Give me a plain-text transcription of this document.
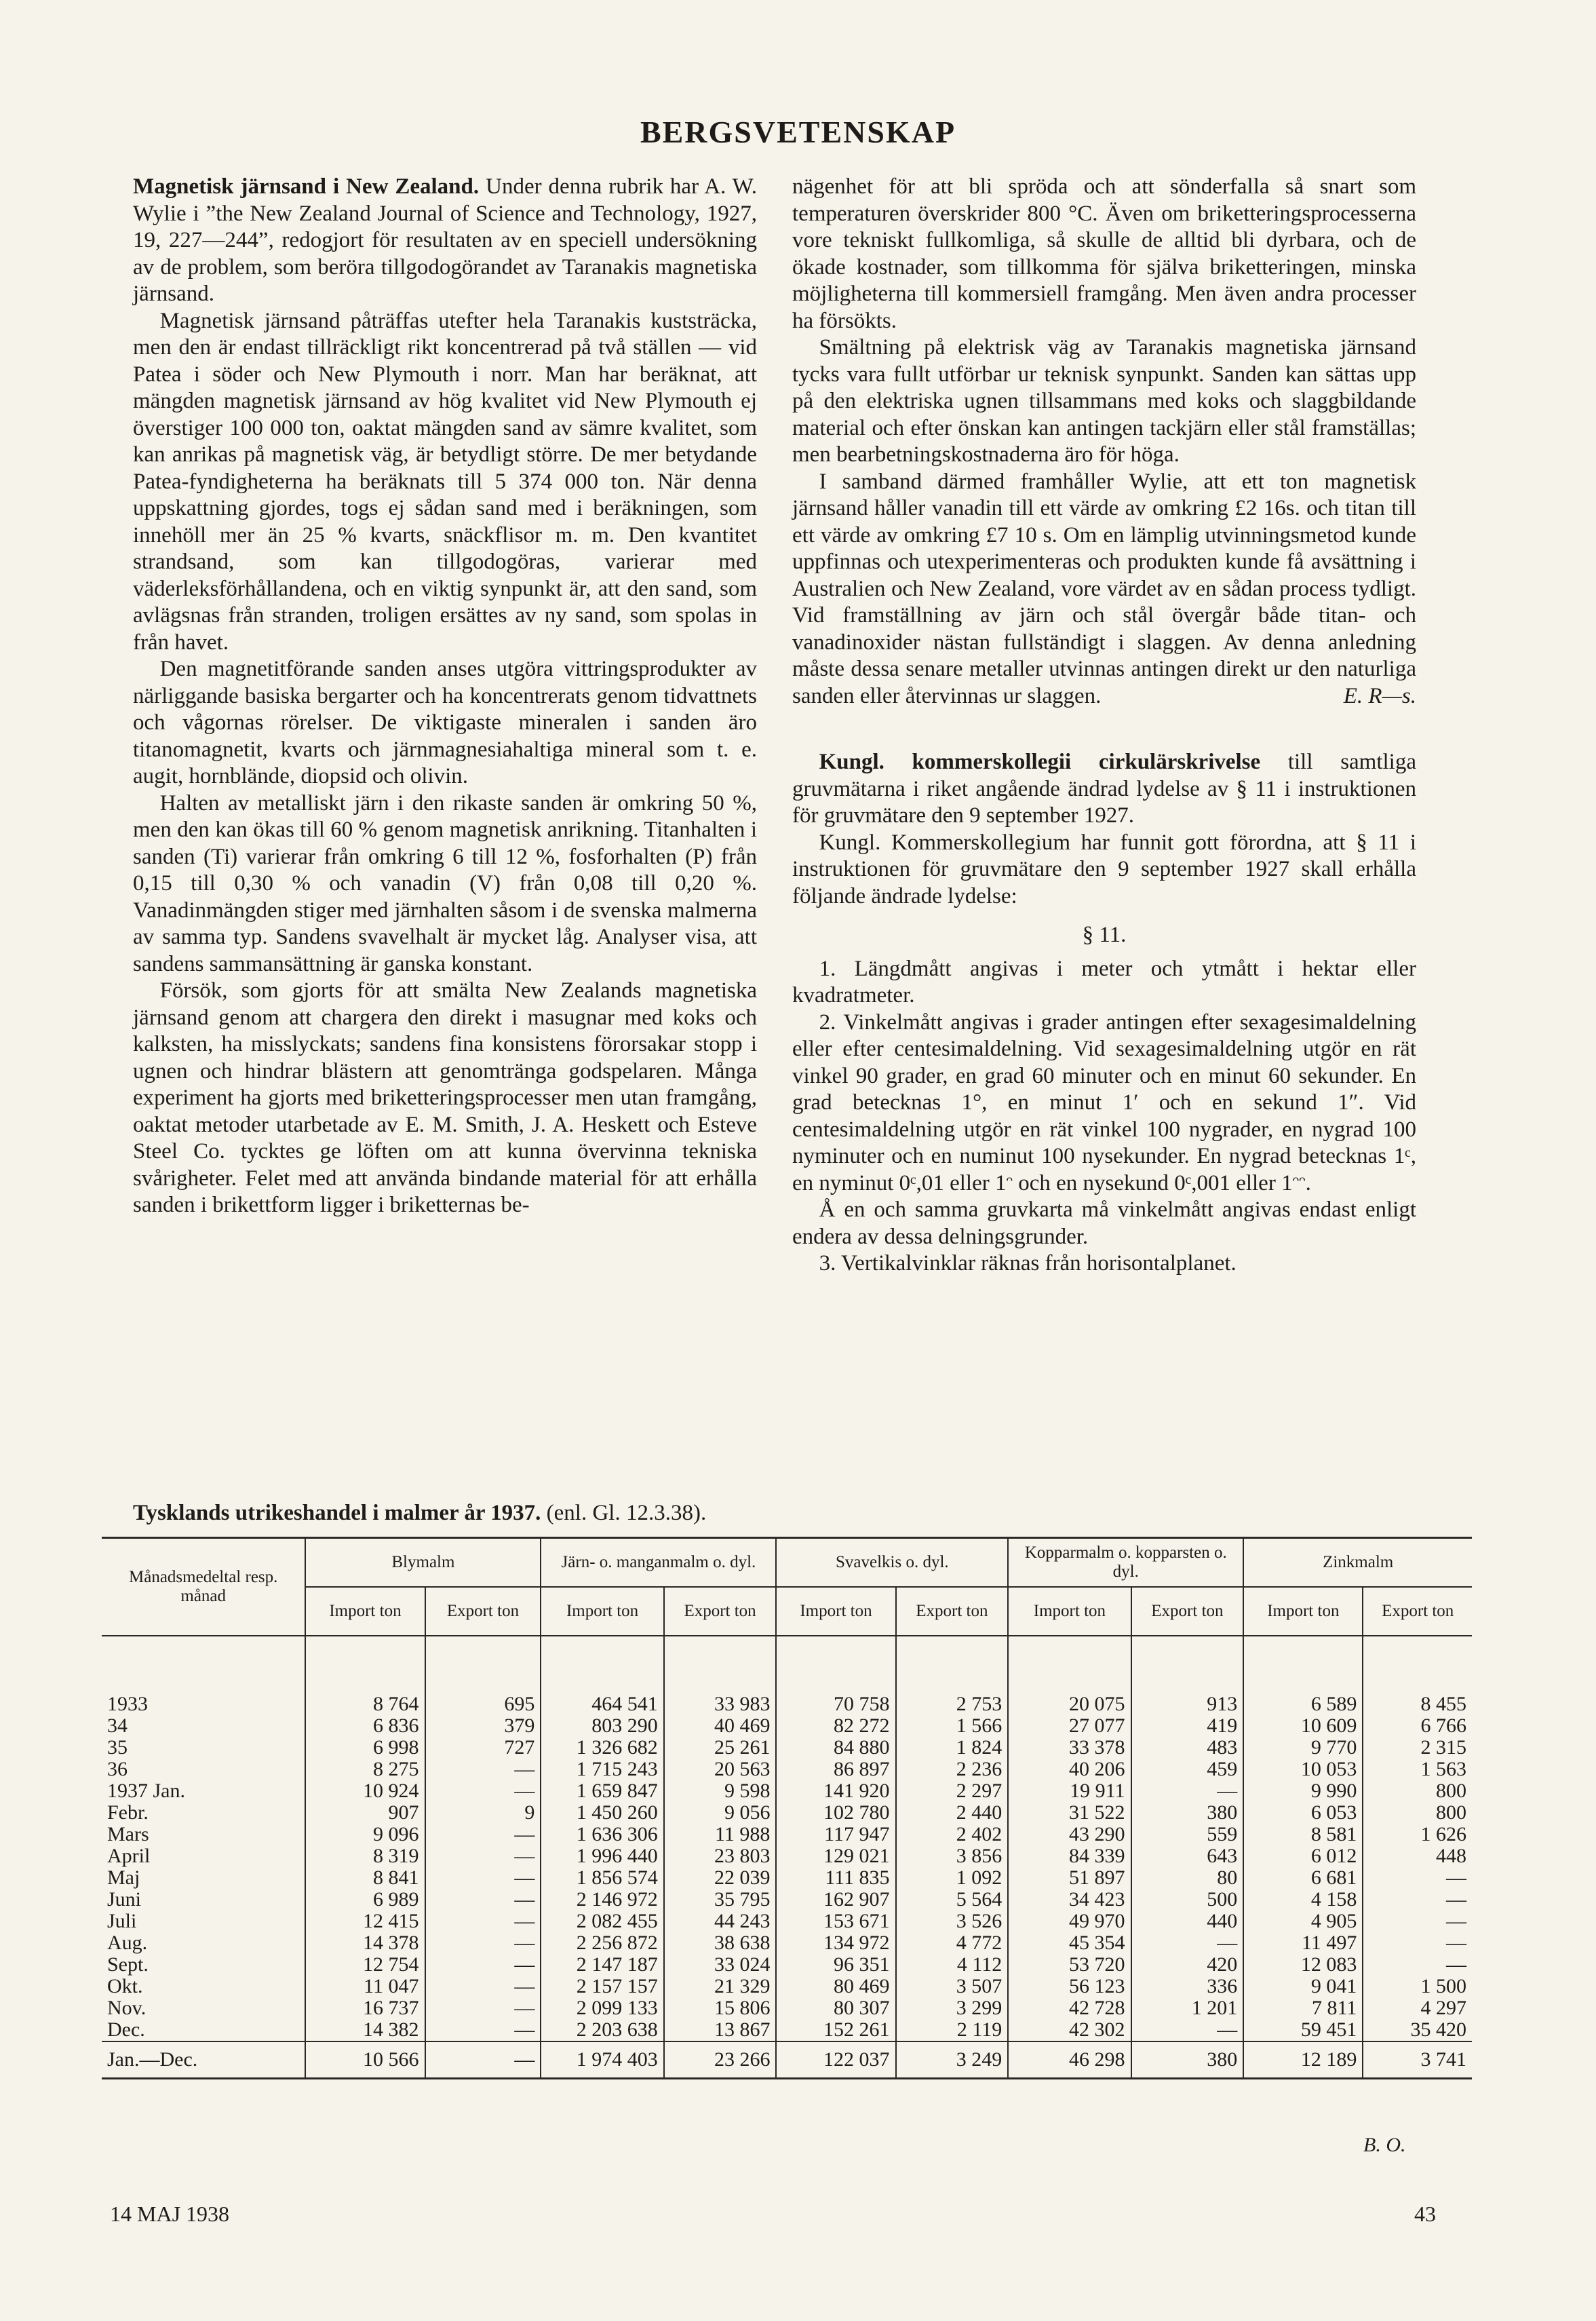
BERGSVETENSKAP

Magnetisk järnsand i New Zealand. Under denna rubrik har A. W. Wylie i ”the New Zealand Journal of Science and Technology, 1927, 19, 227—244”, redogjort för resultaten av en speciell undersökning av de problem, som beröra tillgodogörandet av Taranakis magnetiska järnsand.

Magnetisk järnsand påträffas utefter hela Taranakis kuststräcka, men den är endast tillräckligt rikt koncentrerad på två ställen — vid Patea i söder och New Plymouth i norr. Man har beräknat, att mängden magnetisk järnsand av hög kvalitet vid New Plymouth ej överstiger 100 000 ton, oaktat mängden sand av sämre kvalitet, som kan anrikas på magnetisk väg, är betydligt större. De mer betydande Patea-fyndigheterna ha beräknats till 5 374 000 ton. När denna uppskattning gjordes, togs ej sådan sand med i beräkningen, som innehöll mer än 25 % kvarts, snäckflisor m. m. Den kvantitet strandsand, som kan tillgodogöras, varierar med väderleksförhållandena, och en viktig synpunkt är, att den sand, som avlägsnas från stranden, troligen ersättes av ny sand, som spolas in från havet.

Den magnetitförande sanden anses utgöra vittringsprodukter av närliggande basiska bergarter och ha koncentrerats genom tidvattnets och vågornas rörelser. De viktigaste mineralen i sanden äro titanomagnetit, kvarts och järnmagnesiahaltiga mineral som t. e. augit, hornblände, diopsid och olivin.

Halten av metalliskt järn i den rikaste sanden är omkring 50 %, men den kan ökas till 60 % genom magnetisk anrikning. Titanhalten i sanden (Ti) varierar från omkring 6 till 12 %, fosforhalten (P) från 0,15 till 0,30 % och vanadin (V) från 0,08 till 0,20 %. Vanadinmängden stiger med järnhalten såsom i de svenska malmerna av samma typ. Sandens svavelhalt är mycket låg. Analyser visa, att sandens sammansättning är ganska konstant.

Försök, som gjorts för att smälta New Zealands magnetiska järnsand genom att chargera den direkt i masugnar med koks och kalksten, ha misslyckats; sandens fina konsistens förorsakar stopp i ugnen och hindrar blästern att genomtränga godspelaren. Många experiment ha gjorts med briketteringsprocesser men utan framgång, oaktat metoder utarbetade av E. M. Smith, J. A. Heskett och Esteve Steel Co. tycktes ge löften om att kunna övervinna tekniska svårigheter. Felet med att använda bindande material för att erhålla sanden i brikettform ligger i briketternas be-

nägenhet för att bli spröda och att sönderfalla så snart som temperaturen överskrider 800 °C. Även om briketteringsprocesserna vore tekniskt fullkomliga, så skulle de alltid bli dyrbara, och de ökade kostnader, som tillkomma för själva briketteringen, minska möjligheterna till kommersiell framgång. Men även andra processer ha försökts.

Smältning på elektrisk väg av Taranakis magnetiska järnsand tycks vara fullt utförbar ur teknisk synpunkt. Sanden kan sättas upp på den elektriska ugnen tillsammans med koks och slaggbildande material och efter önskan kan antingen tackjärn eller stål framställas; men bearbetningskostnaderna äro för höga.

I samband därmed framhåller Wylie, att ett ton magnetisk järnsand håller vanadin till ett värde av omkring £2 16s. och titan till ett värde av omkring £7 10 s. Om en lämplig utvinningsmetod kunde uppfinnas och utexperimenteras och produkten kunde få avsättning i Australien och New Zealand, vore värdet av en sådan process tydligt. Vid framställning av järn och stål övergår både titan- och vanadinoxider nästan fullständigt i slaggen. Av denna anledning måste dessa senare metaller utvinnas antingen direkt ur den naturliga sanden eller återvinnas ur slaggen.	E. R—s.

Kungl. kommerskollegii cirkulärskrivelse till samtliga gruvmätarna i riket angående ändrad lydelse av § 11 i instruktionen för gruvmätare den 9 september 1927.

Kungl. Kommerskollegium har funnit gott förordna, att § 11 i instruktionen för gruvmätare den 9 september 1927 skall erhålla följande ändrade lydelse:

§ 11.

1. Längdmått angivas i meter och ytmått i hektar eller kvadratmeter.

2. Vinkelmått angivas i grader antingen efter sexagesimaldelning eller efter centesimaldelning. Vid sexagesimaldelning utgör en rät vinkel 90 grader, en grad 60 minuter och en minut 60 sekunder. En grad betecknas 1°, en minut 1′ och en sekund 1″. Vid centesimaldelning utgör en rät vinkel 100 nygrader, en nygrad 100 nyminuter och en numinut 100 nysekunder. En nygrad betecknas 1ᶜ, en nyminut 0ᶜ,01 eller 1ᵔ och en nysekund 0ᶜ,001 eller 1ᵔᵔ.

Å en och samma gruvkarta må vinkelmått angivas endast enligt endera av dessa delningsgrunder.

3. Vertikalvinklar räknas från horisontalplanet.

Tysklands utrikeshandel i malmer år 1937. (enl. Gl. 12.3.38).
Månadsmedeltal resp. månad	Blymalm		Järn- o. manganmalm o. dyl.		Svavelkis o. dyl.		Kopparmalm o. kopparsten o. dyl.		Zinkmalm	
	Import ton	Export ton	Import ton	Export ton	Import ton	Export ton	Import ton	Export ton	Import ton	Export ton
1933	8 764	695	464 541	33 983	70 758	2 753	20 075	913	6 589	8 455
34	6 836	379	803 290	40 469	82 272	1 566	27 077	419	10 609	6 766
35	6 998	727	1 326 682	25 261	84 880	1 824	33 378	483	9 770	2 315
36	8 275	—	1 715 243	20 563	86 897	2 236	40 206	459	10 053	1 563
1937 Jan.	10 924	—	1 659 847	9 598	141 920	2 297	19 911	—	9 990	800
Febr.	907	9	1 450 260	9 056	102 780	2 440	31 522	380	6 053	800
Mars	9 096	—	1 636 306	11 988	117 947	2 402	43 290	559	8 581	1 626
April	8 319	—	1 996 440	23 803	129 021	3 856	84 339	643	6 012	448
Maj	8 841	—	1 856 574	22 039	111 835	1 092	51 897	80	6 681	—
Juni	6 989	—	2 146 972	35 795	162 907	5 564	34 423	500	4 158	—
Juli	12 415	—	2 082 455	44 243	153 671	3 526	49 970	440	4 905	—
Aug.	14 378	—	2 256 872	38 638	134 972	4 772	45 354	—	11 497	—
Sept.	12 754	—	2 147 187	33 024	96 351	4 112	53 720	420	12 083	—
Okt.	11 047	—	2 157 157	21 329	80 469	3 507	56 123	336	9 041	1 500
Nov.	16 737	—	2 099 133	15 806	80 307	3 299	42 728	1 201	7 811	4 297
Dec.	14 382	—	2 203 638	13 867	152 261	2 119	42 302	—	59 451	35 420
Jan.—Dec.	10 566	—	1 974 403	23 266	122 037	3 249	46 298	380	12 189	3 741
B. O.
14 MAJ 1938	43
